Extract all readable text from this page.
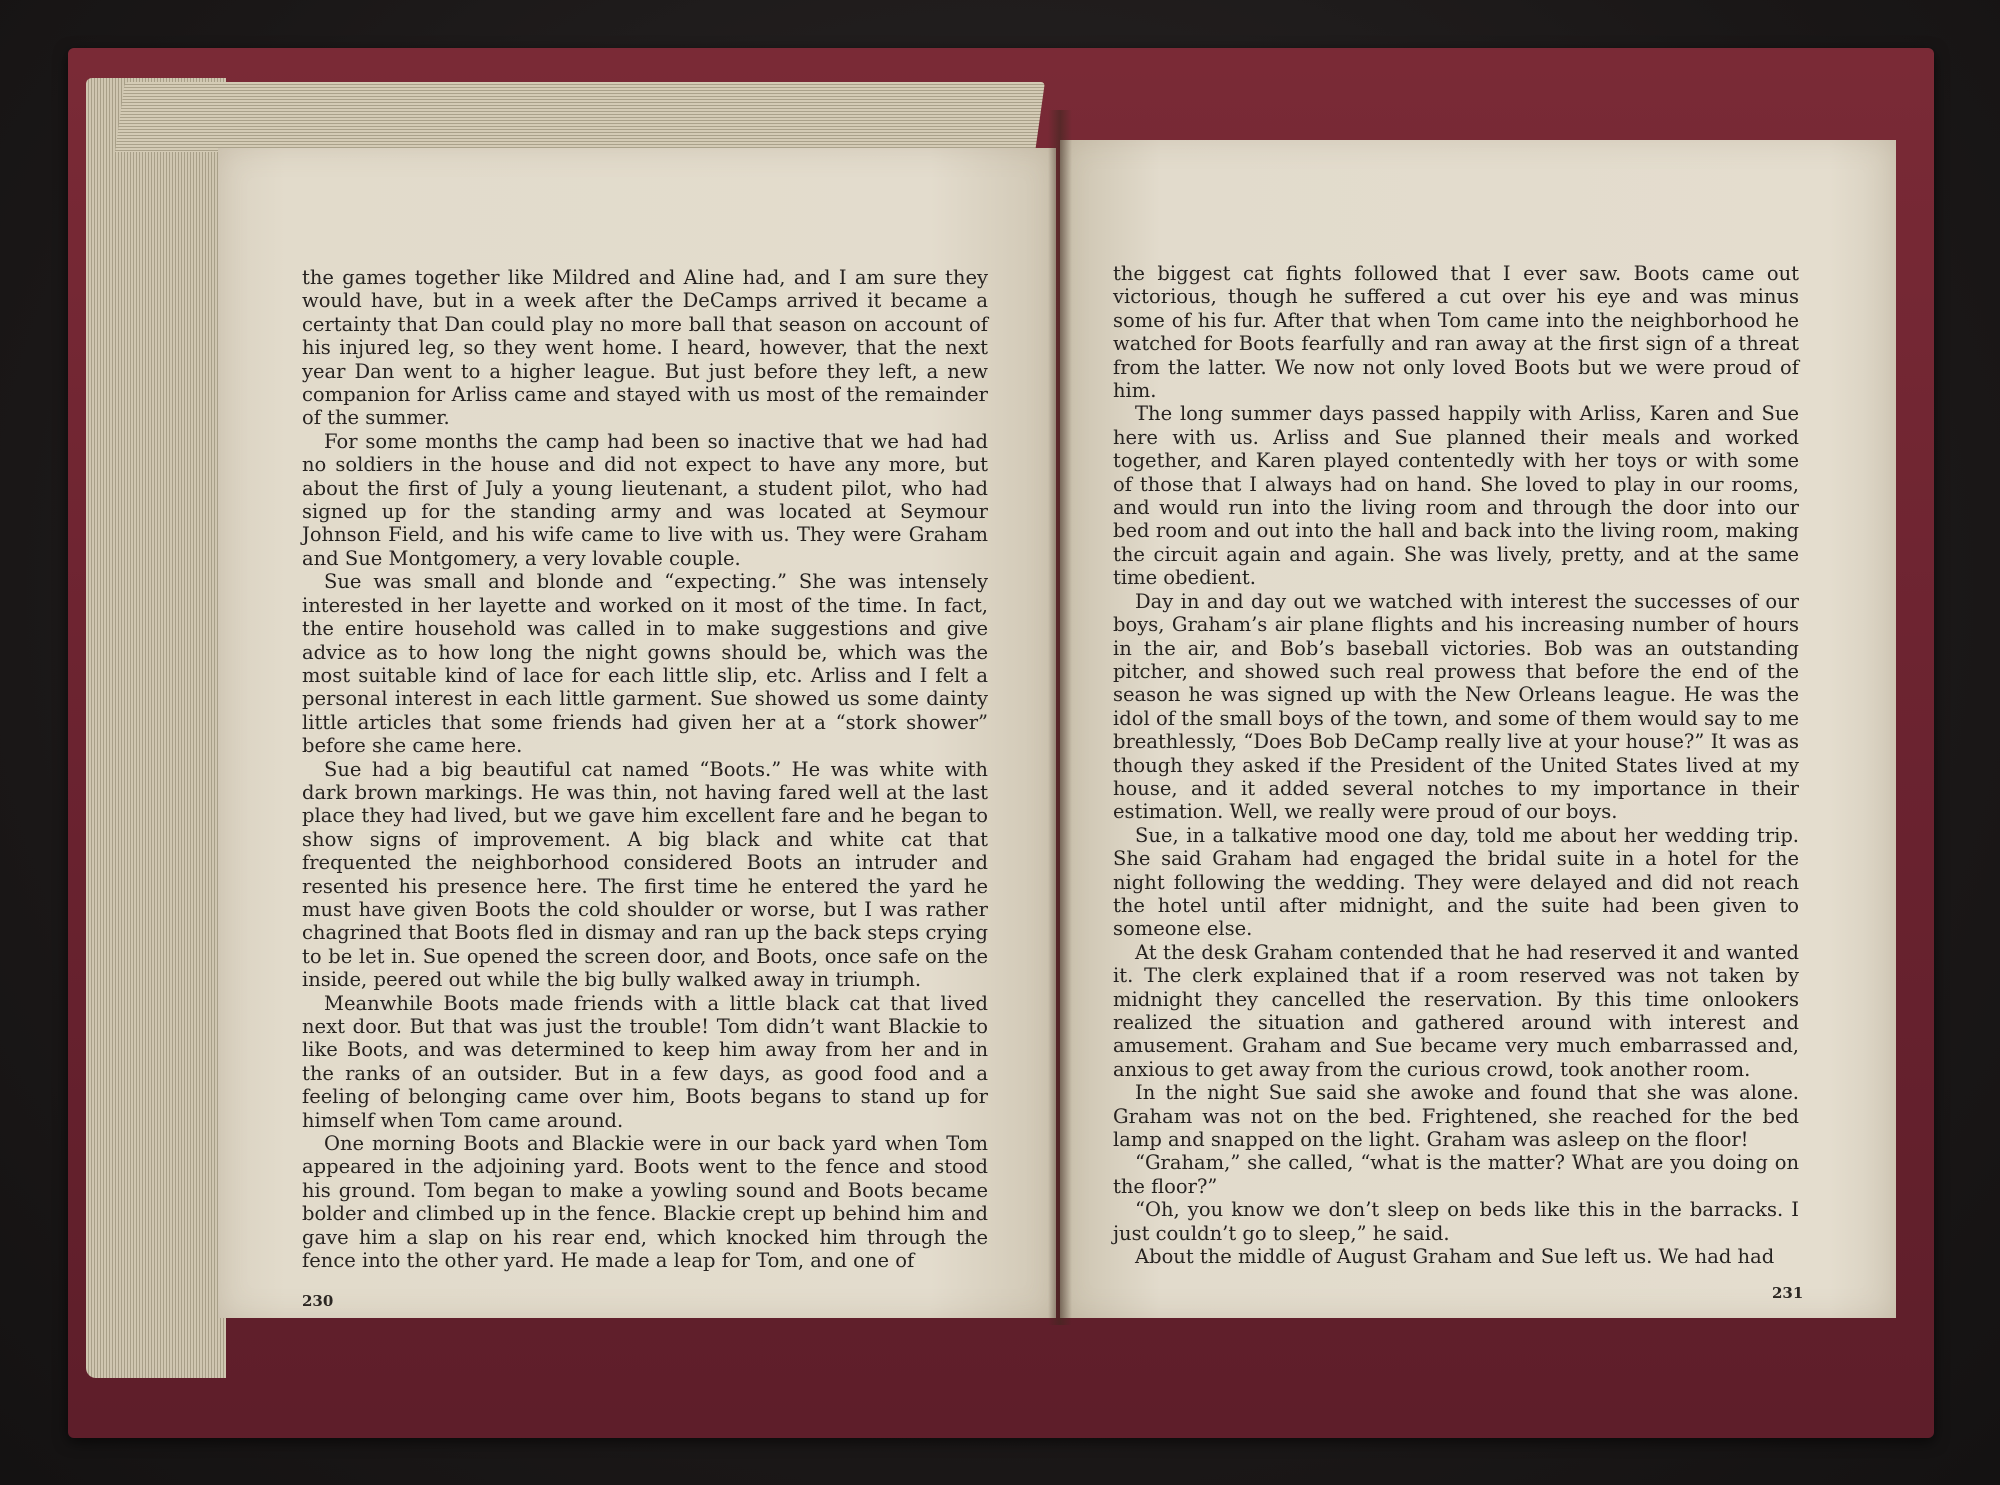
the games together like Mildred and Aline had, and I am sure they would have, but in a week after the DeCamps arrived it became a certainty that Dan could play no more ball that season on account of his injured leg, so they went home. I heard, however, that the next year Dan went to a higher league. But just before they left, a new companion for Arliss came and stayed with us most of the remainder of the summer.

For some months the camp had been so inactive that we had had no soldiers in the house and did not expect to have any more, but about the first of July a young lieutenant, a student pilot, who had signed up for the standing army and was located at Seymour Johnson Field, and his wife came to live with us. They were Graham and Sue Montgomery, a very lovable couple.

Sue was small and blonde and “expecting.” She was intensely interested in her layette and worked on it most of the time. In fact, the entire household was called in to make suggestions and give advice as to how long the night gowns should be, which was the most suitable kind of lace for each little slip, etc. Arliss and I felt a personal interest in each little garment. Sue showed us some dainty little articles that some friends had given her at a “stork shower” before she came here.

Sue had a big beautiful cat named “Boots.” He was white with dark brown markings. He was thin, not having fared well at the last place they had lived, but we gave him excellent fare and he began to show signs of improvement. A big black and white cat that frequented the neighborhood considered Boots an intruder and resented his presence here. The first time he entered the yard he must have given Boots the cold shoulder or worse, but I was rather chagrined that Boots fled in dismay and ran up the back steps crying to be let in. Sue opened the screen door, and Boots, once safe on the inside, peered out while the big bully walked away in triumph.

Meanwhile Boots made friends with a little black cat that lived next door. But that was just the trouble! Tom didn’t want Blackie to like Boots, and was determined to keep him away from her and in the ranks of an outsider. But in a few days, as good food and a feeling of belonging came over him, Boots begans to stand up for himself when Tom came around.

One morning Boots and Blackie were in our back yard when Tom appeared in the adjoining yard. Boots went to the fence and stood his ground. Tom began to make a yowling sound and Boots became bolder and climbed up in the fence. Blackie crept up behind him and gave him a slap on his rear end, which knocked him through the fence into the other yard. He made a leap for Tom, and one of

230

the biggest cat fights followed that I ever saw. Boots came out victorious, though he suffered a cut over his eye and was minus some of his fur. After that when Tom came into the neighborhood he watched for Boots fearfully and ran away at the first sign of a threat from the latter. We now not only loved Boots but we were proud of him.

The long summer days passed happily with Arliss, Karen and Sue here with us. Arliss and Sue planned their meals and worked together, and Karen played contentedly with her toys or with some of those that I always had on hand. She loved to play in our rooms, and would run into the living room and through the door into our bed room and out into the hall and back into the living room, making the circuit again and again. She was lively, pretty, and at the same time obedient.

Day in and day out we watched with interest the successes of our boys, Graham’s air plane flights and his increasing number of hours in the air, and Bob’s baseball victories. Bob was an outstanding pitcher, and showed such real prowess that before the end of the season he was signed up with the New Orleans league. He was the idol of the small boys of the town, and some of them would say to me breathlessly, “Does Bob DeCamp really live at your house?” It was as though they asked if the President of the United States lived at my house, and it added several notches to my importance in their estimation. Well, we really were proud of our boys.

Sue, in a talkative mood one day, told me about her wedding trip. She said Graham had engaged the bridal suite in a hotel for the night following the wedding. They were delayed and did not reach the hotel until after midnight, and the suite had been given to someone else.

At the desk Graham contended that he had reserved it and wanted it. The clerk explained that if a room reserved was not taken by midnight they cancelled the reservation. By this time onlookers realized the situation and gathered around with interest and amusement. Graham and Sue became very much embarrassed and, anxious to get away from the curious crowd, took another room.

In the night Sue said she awoke and found that she was alone. Graham was not on the bed. Frightened, she reached for the bed lamp and snapped on the light. Graham was asleep on the floor!

“Graham,” she called, “what is the matter? What are you doing on the floor?”

“Oh, you know we don’t sleep on beds like this in the barracks. I just couldn’t go to sleep,” he said.

About the middle of August Graham and Sue left us. We had had

231
